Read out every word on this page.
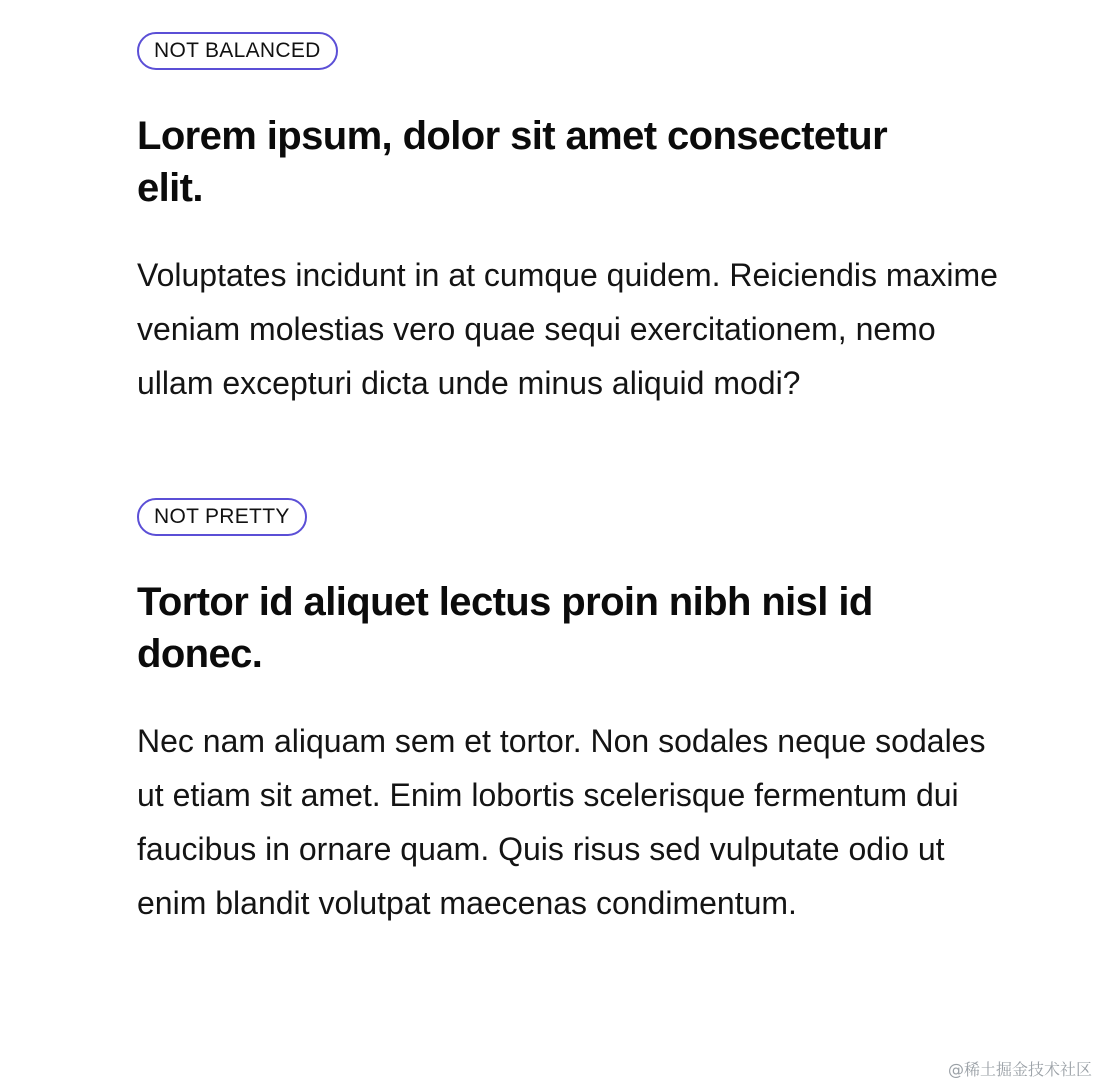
NOT BALANCED
Lorem ipsum, dolor sit amet consectetur elit.

Voluptates incidunt in at cumque quidem. Reiciendis maxime veniam molestias vero quae sequi exercitationem, nemo ullam excepturi dicta unde minus aliquid modi?

NOT PRETTY
Tortor id aliquet lectus proin nibh nisl id donec.

Nec nam aliquam sem et tortor. Non sodales neque sodales ut etiam sit amet. Enim lobortis scelerisque fermentum dui faucibus in ornare quam. Quis risus sed vulputate odio ut enim blandit volutpat maecenas condimentum.

@稀土掘金技术社区
